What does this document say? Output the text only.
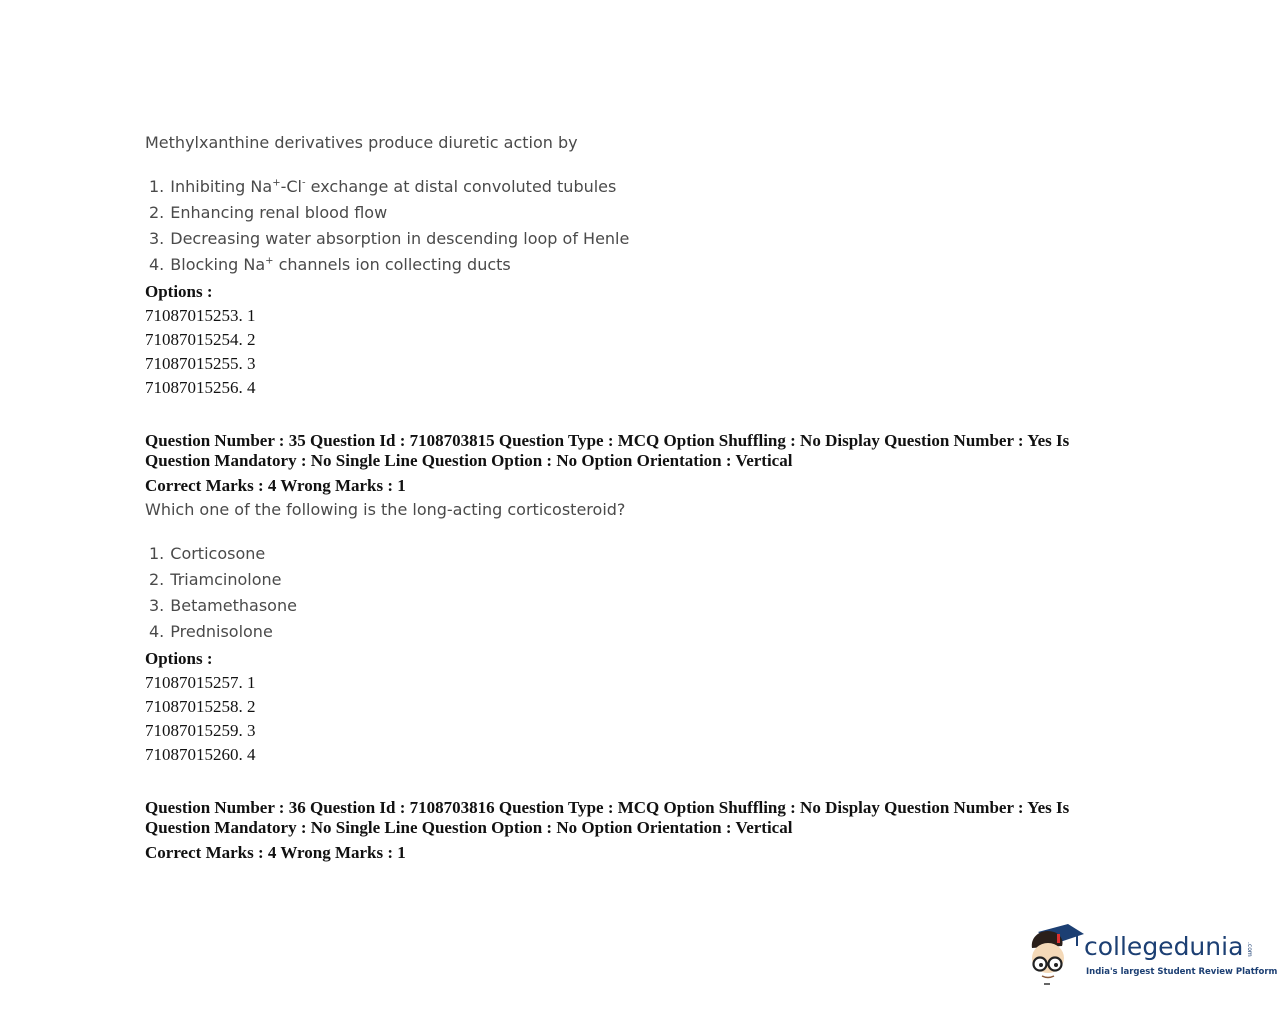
Methylxanthine derivatives produce diuretic action by
1. Inhibiting Na+-Cl- exchange at distal convoluted tubules
2. Enhancing renal blood flow
3. Decreasing water absorption in descending loop of Henle
4. Blocking Na+ channels ion collecting ducts
Options :
71087015253. 1
71087015254. 2
71087015255. 3
71087015256. 4
Question Number : 35 Question Id : 7108703815 Question Type : MCQ Option Shuffling : No Display Question Number : Yes Is
Question Mandatory : No Single Line Question Option : No Option Orientation : Vertical
Correct Marks : 4 Wrong Marks : 1
Which one of the following is the long-acting corticosteroid?
1. Corticosone
2. Triamcinolone
3. Betamethasone
4. Prednisolone
Options :
71087015257. 1
71087015258. 2
71087015259. 3
71087015260. 4
Question Number : 36 Question Id : 7108703816 Question Type : MCQ Option Shuffling : No Display Question Number : Yes Is
Question Mandatory : No Single Line Question Option : No Option Orientation : Vertical
Correct Marks : 4 Wrong Marks : 1
collegedunia .com
India's largest Student Review Platform
